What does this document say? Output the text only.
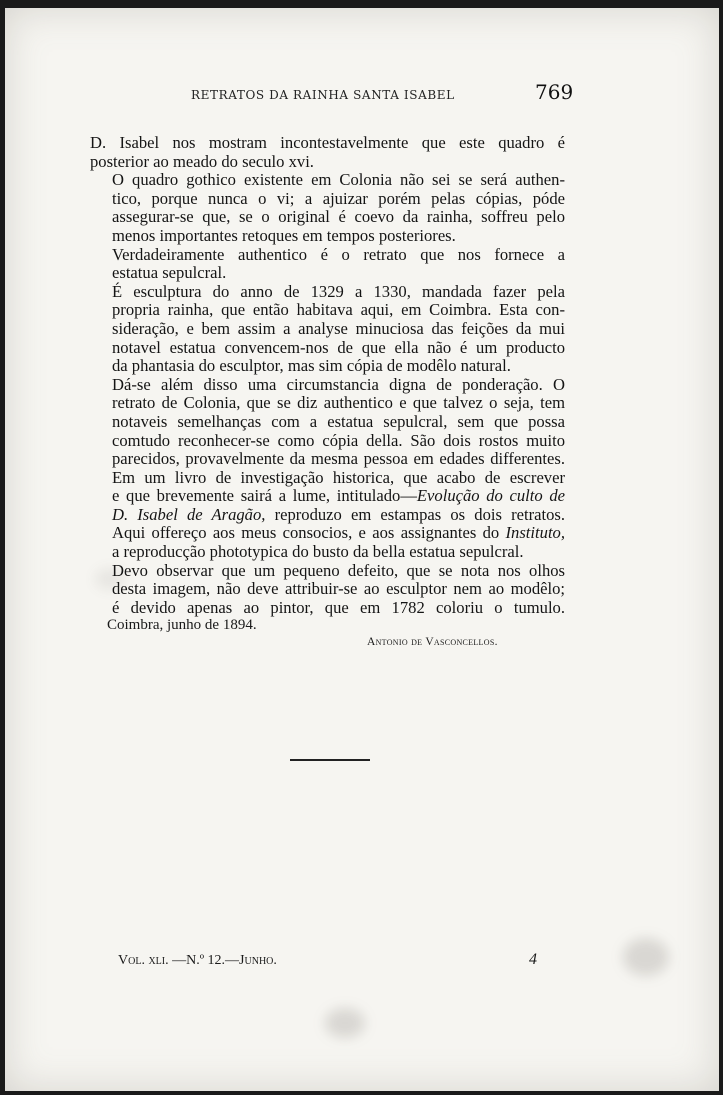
RETRATOS DA RAINHA SANTA ISABEL	769

D. Isabel nos mostram incontestavelmente que este quadro é
posterior ao meado do seculo xvi.

O quadro gothico existente em Colonia não sei se será authen-
tico, porque nunca o vi; a ajuizar porém pelas cópias, póde
assegurar-se que, se o original é coevo da rainha, soffreu pelo
menos importantes retoques em tempos posteriores.

Verdadeiramente authentico é o retrato que nos fornece a
estatua sepulcral.

É esculptura do anno de 1329 a 1330, mandada fazer pela
propria rainha, que então habitava aqui, em Coimbra. Esta con-
sideração, e bem assim a analyse minuciosa das feições da mui
notavel estatua convencem-nos de que ella não é um producto
da phantasia do esculptor, mas sim cópia de modêlo natural.

Dá-se além disso uma circumstancia digna de ponderação. O
retrato de Colonia, que se diz authentico e que talvez o seja, tem
notaveis semelhanças com a estatua sepulcral, sem que possa
comtudo reconhecer-se como cópia della. São dois rostos muito
parecidos, provavelmente da mesma pessoa em edades differentes.

Em um livro de investigação historica, que acabo de escrever
e que brevemente sairá a lume, intitulado—Evolução do culto de
D. Isabel de Aragão, reproduzo em estampas os dois retratos.

Aqui offereço aos meus consocios, e aos assignantes do Instituto,
a reproducção phototypica do busto da bella estatua sepulcral.

Devo observar que um pequeno defeito, que se nota nos olhos
desta imagem, não deve attribuir-se ao esculptor nem ao modêlo;
é devido apenas ao pintor, que em 1782 coloriu o tumulo.

Coimbra, junho de 1894.
Antonio de Vasconcellos.
Vol. xli. —N.º 12.—Junho.	4
